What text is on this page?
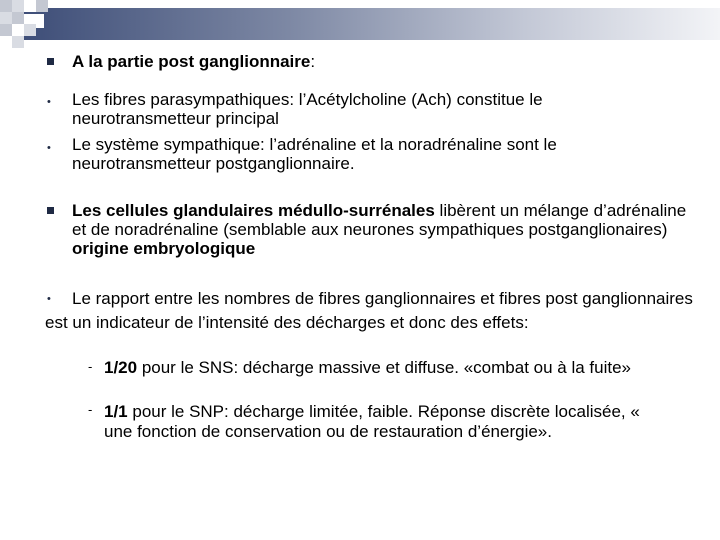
A la partie post ganglionnaire:
• Les fibres parasympathiques: l’Acétylcholine (Ach) constitue le neurotransmetteur principal
• Le système sympathique: l’adrénaline et la noradrénaline sont le neurotransmetteur postganglionnaire.
Les cellules glandulaires médullo-surrénales libèrent un mélange d’adrénaline et de noradrénaline (semblable aux neurones sympathiques postganglionaires) origine embryologique
•	Le rapport entre les nombres de fibres ganglionnaires et fibres post ganglionnaires est un indicateur de l’intensité des décharges et donc des effets:
‑ 1/20 pour le SNS: décharge massive et diffuse. «combat ou à la fuite»
‑ 1/1 pour le SNP: décharge limitée, faible. Réponse discrète localisée, « une fonction de conservation ou de restauration d’énergie».
